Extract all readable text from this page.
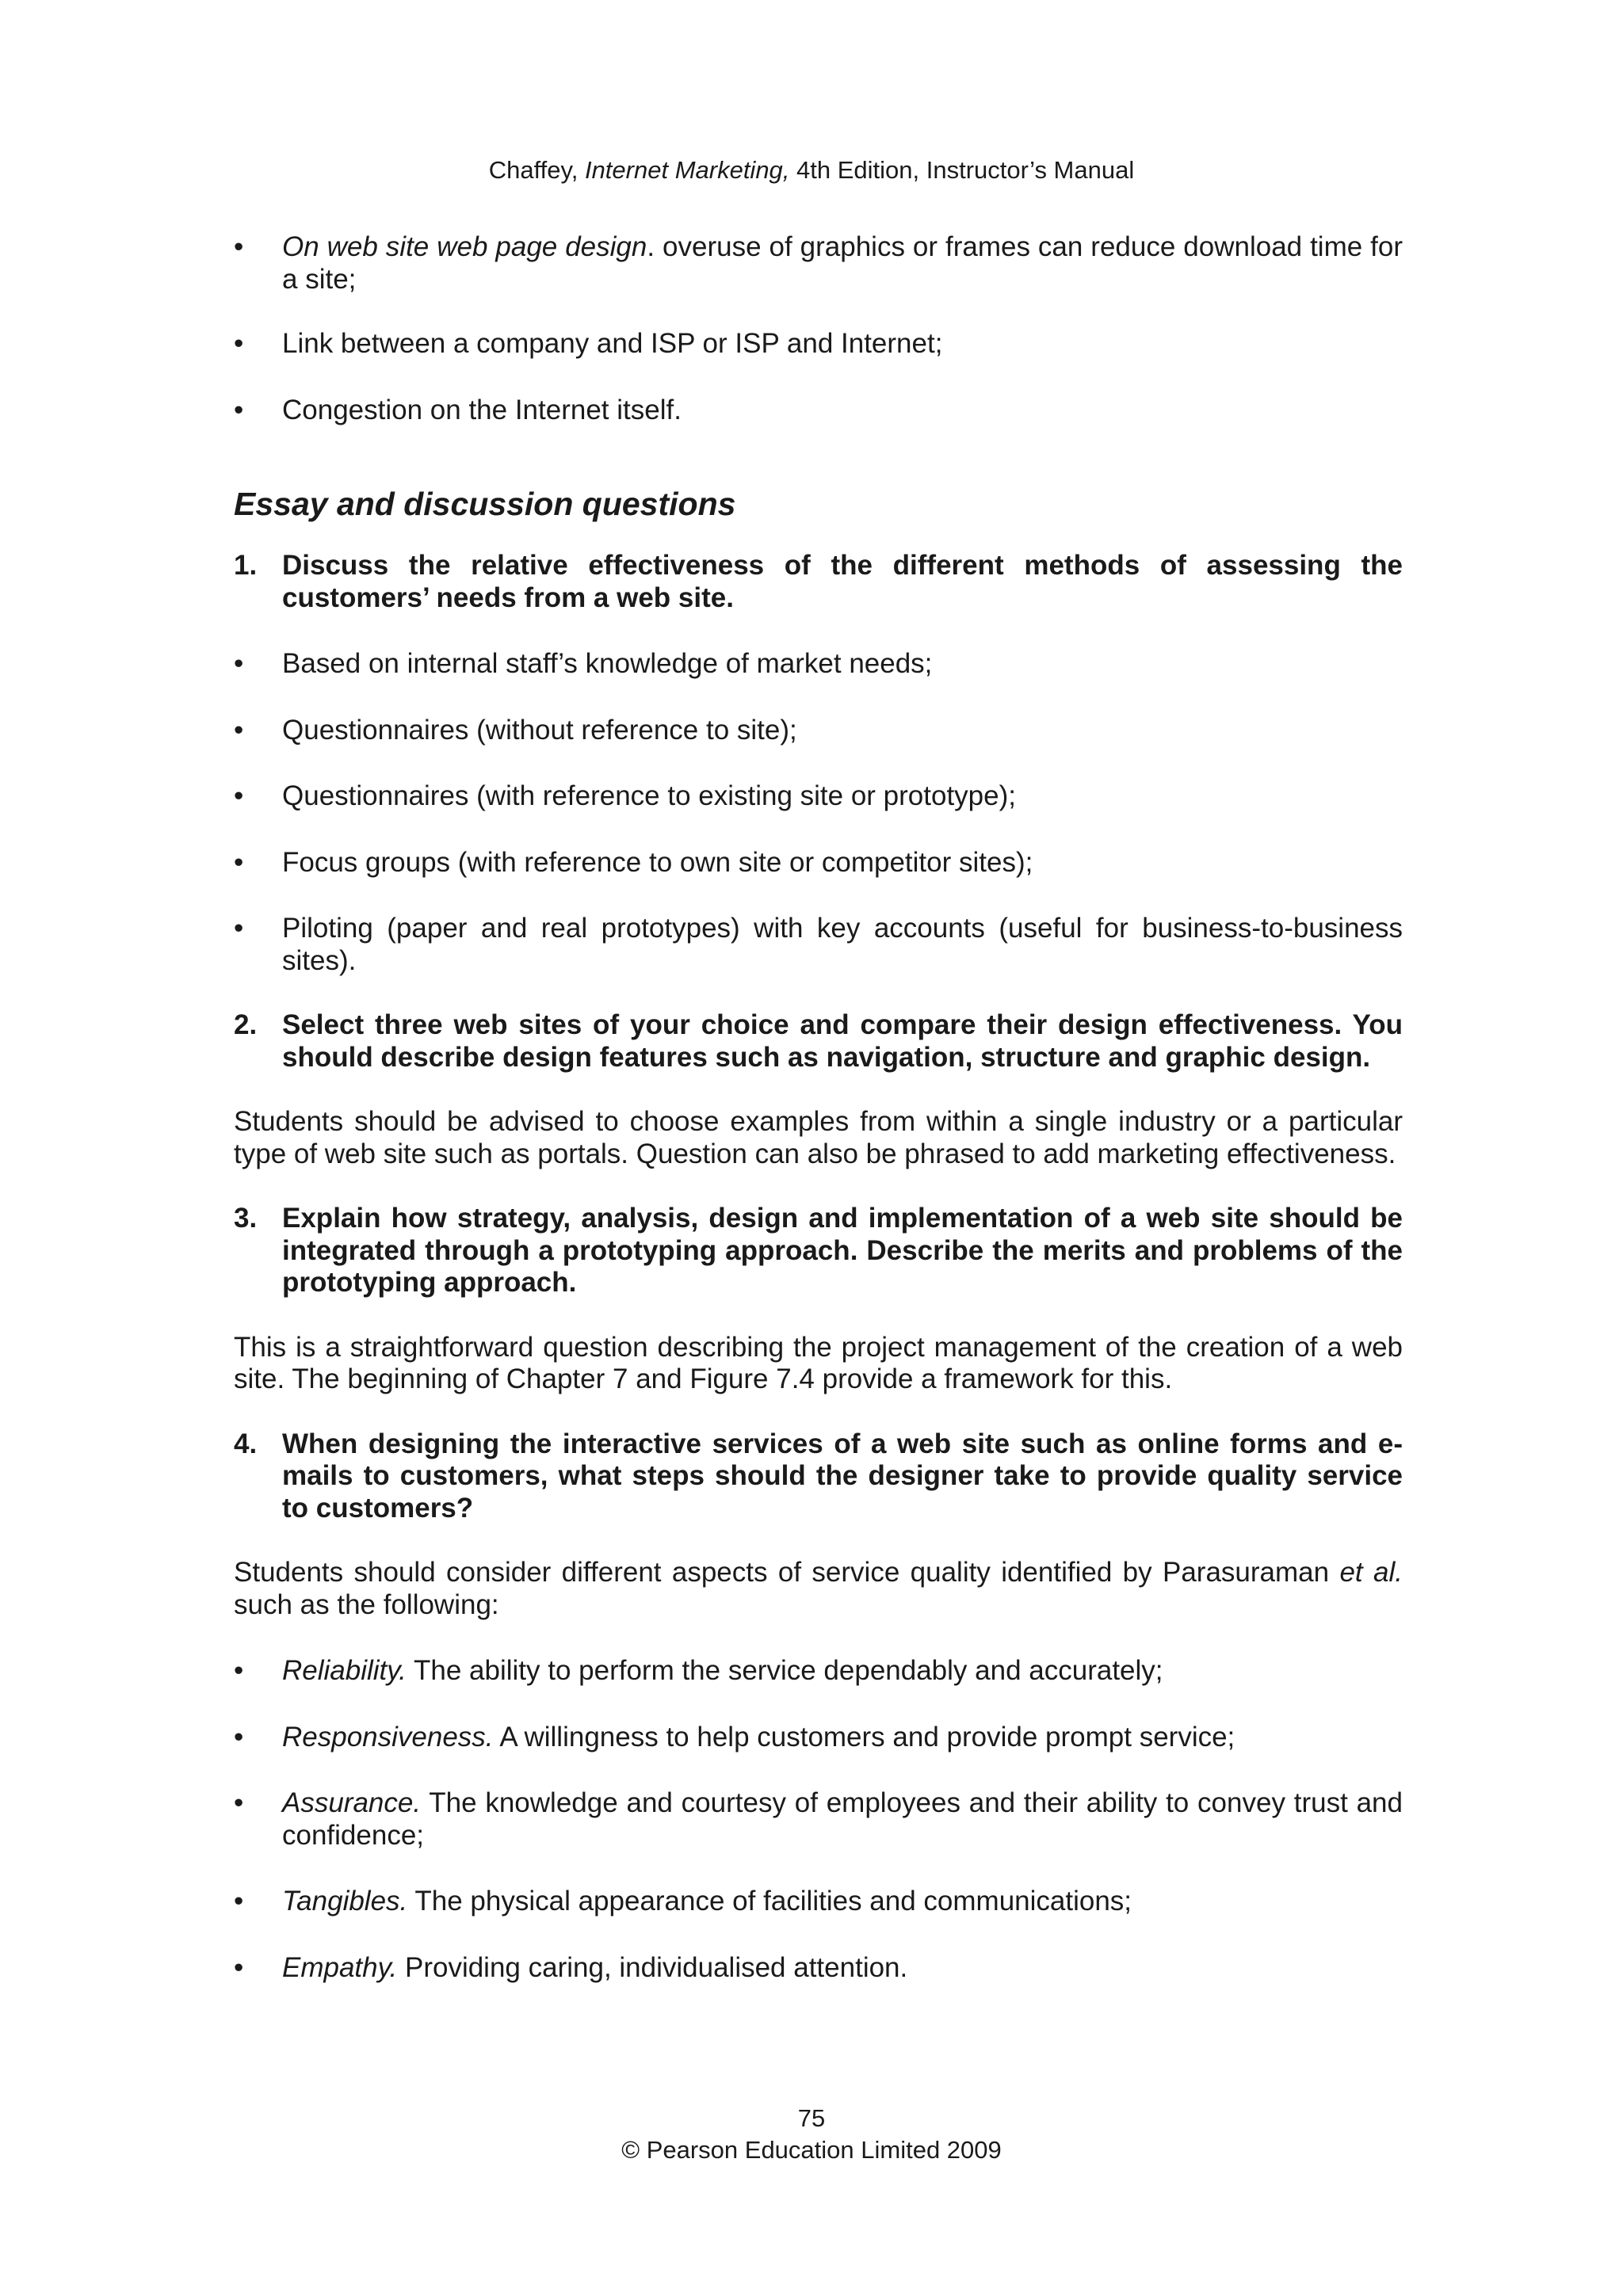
Chaffey, Internet Marketing, 4th Edition, Instructor’s Manual
•	On web site web page design. overuse of graphics or frames can reduce download time for a site;
•	Link between a company and ISP or ISP and Internet;
•	Congestion on the Internet itself.
Essay and discussion questions
1. Discuss the relative effectiveness of the different methods of assessing the customers’ needs from a web site.
•	Based on internal staff’s knowledge of market needs;
•	Questionnaires (without reference to site);
•	Questionnaires (with reference to existing site or prototype);
•	Focus groups (with reference to own site or competitor sites);
•	Piloting (paper and real prototypes) with key accounts (useful for business-to-business sites).
2. Select three web sites of your choice and compare their design effectiveness. You should describe design features such as navigation, structure and graphic design.
Students should be advised to choose examples from within a single industry or a particular type of web site such as portals. Question can also be phrased to add marketing effectiveness.
3. Explain how strategy, analysis, design and implementation of a web site should be integrated through a prototyping approach. Describe the merits and problems of the prototyping approach.
This is a straightforward question describing the project management of the creation of a web site. The beginning of Chapter 7 and Figure 7.4 provide a framework for this.
4. When designing the interactive services of a web site such as online forms and e-mails to customers, what steps should the designer take to provide quality service to customers?
Students should consider different aspects of service quality identified by Parasuraman et al. such as the following:
•	Reliability. The ability to perform the service dependably and accurately;
•	Responsiveness. A willingness to help customers and provide prompt service;
•	Assurance. The knowledge and courtesy of employees and their ability to convey trust and confidence;
•	Tangibles. The physical appearance of facilities and communications;
•	Empathy. Providing caring, individualised attention.
75
© Pearson Education Limited 2009
